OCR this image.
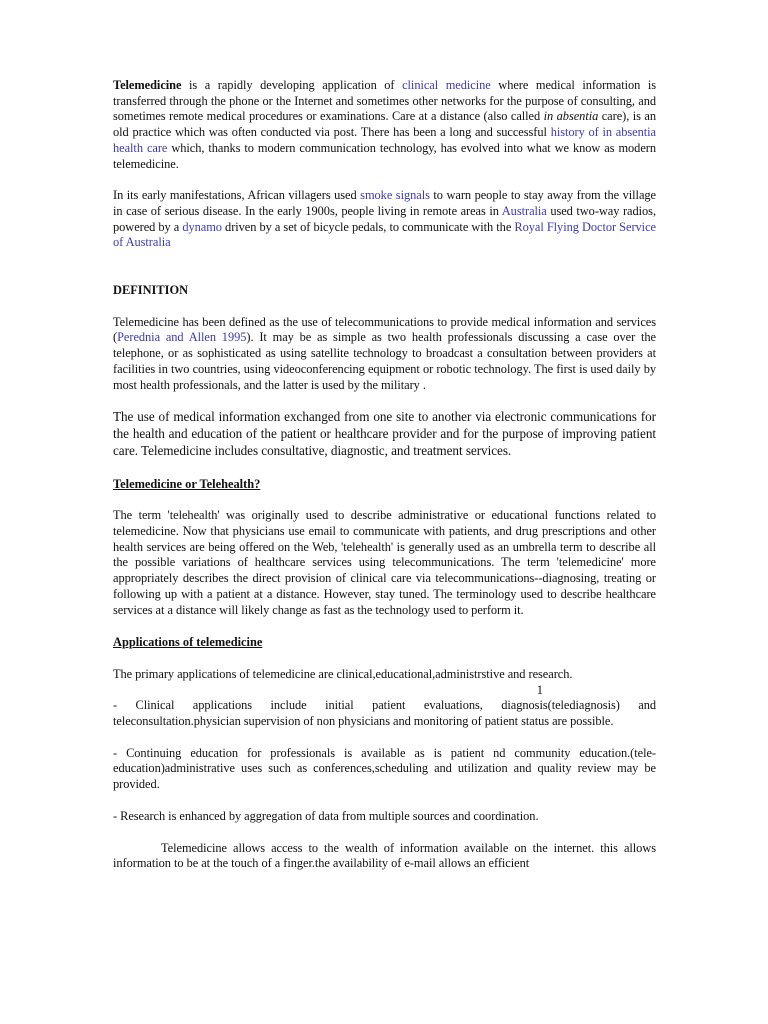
Telemedicine is a rapidly developing application of clinical medicine where medical information is transferred through the phone or the Internet and sometimes other networks for the purpose of consulting, and sometimes remote medical procedures or examinations. Care at a distance (also called in absentia care), is an old practice which was often conducted via post. There has been a long and successful history of in absentia health care which, thanks to modern communication technology, has evolved into what we know as modern telemedicine.

In its early manifestations, African villagers used smoke signals to warn people to stay away from the village in case of serious disease. In the early 1900s, people living in remote areas in Australia used two-way radios, powered by a dynamo driven by a set of bicycle pedals, to communicate with the Royal Flying Doctor Service of Australia

DEFINITION

Telemedicine has been defined as the use of telecommunications to provide medical information and services (Perednia and Allen 1995). It may be as simple as two health professionals discussing a case over the telephone, or as sophisticated as using satellite technology to broadcast a consultation between providers at facilities in two countries, using videoconferencing equipment or robotic technology. The first is used daily by most health professionals, and the latter is used by the military .

The use of medical information exchanged from one site to another via electronic communications for the health and education of the patient or healthcare provider and for the purpose of improving patient care. Telemedicine includes consultative, diagnostic, and treatment services.

Telemedicine or Telehealth?

The term 'telehealth' was originally used to describe administrative or educational functions related to telemedicine. Now that physicians use email to communicate with patients, and drug prescriptions and other health services are being offered on the Web, 'telehealth' is generally used as an umbrella term to describe all the possible variations of healthcare services using telecommunications. The term 'telemedicine' more appropriately describes the direct provision of clinical care via telecommunications--diagnosing, treating or following up with a patient at a distance. However, stay tuned. The terminology used to describe healthcare services at a distance will likely change as fast as the technology used to perform it.

Applications of telemedicine

The primary applications of telemedicine are clinical,educational,administrstive and research.

1

- Clinical applications include initial patient evaluations, diagnosis(telediagnosis) and teleconsultation.physician supervision of non physicians and monitoring of patient status are possible.

- Continuing education for professionals is available as is patient nd community education.(tele-education)administrative uses such as conferences,scheduling and utilization and quality review may be provided.

- Research is enhanced by aggregation of data from multiple sources and coordination.

Telemedicine allows access to the wealth of information available on the internet. this allows information to be at the touch of a finger.the availability of e-mail allows an efficient
